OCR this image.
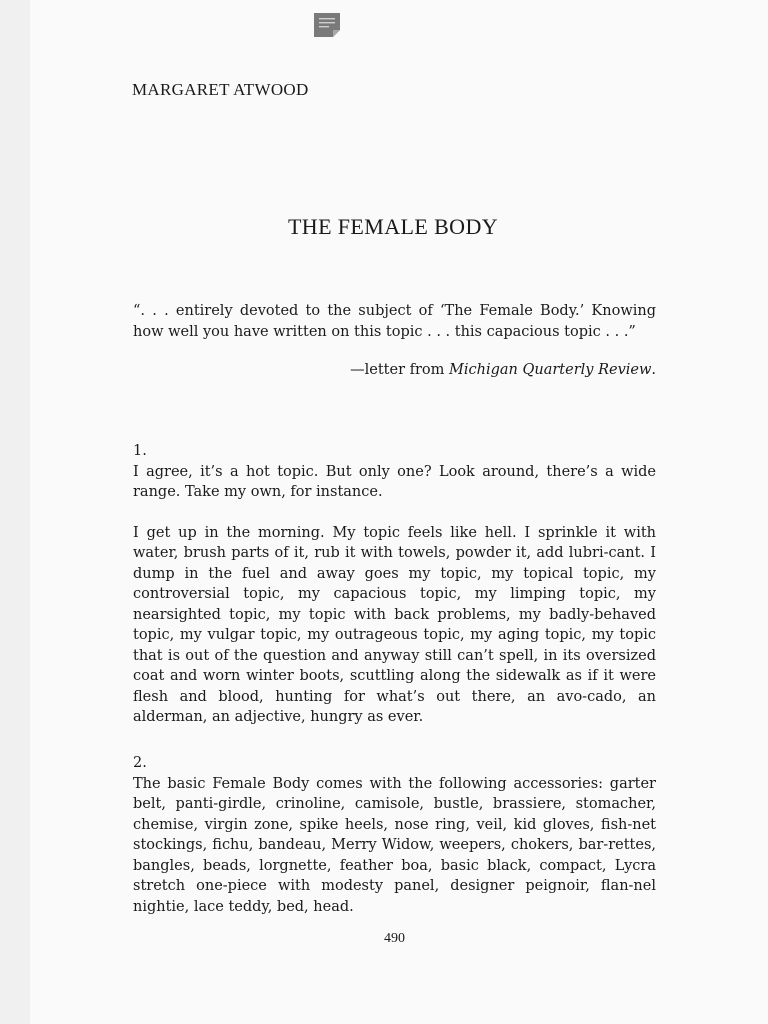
MARGARET ATWOOD
THE FEMALE BODY

“. . . entirely devoted to the subject of ‘The Female Body.’ Knowing how well you have written on this topic . . . this capacious topic . . .”

—letter from Michigan Quarterly Review.

1.

I agree, it’s a hot topic. But only one? Look around, there’s a wide range. Take my own, for instance.

I get up in the morning. My topic feels like hell. I sprinkle it with water, brush parts of it, rub it with towels, powder it, add lubri-cant. I dump in the fuel and away goes my topic, my topical topic, my controversial topic, my capacious topic, my limping topic, my nearsighted topic, my topic with back problems, my badly-behaved topic, my vulgar topic, my outrageous topic, my aging topic, my topic that is out of the question and anyway still can’t spell, in its oversized coat and worn winter boots, scuttling along the sidewalk as if it were flesh and blood, hunting for what’s out there, an avo-cado, an alderman, an adjective, hungry as ever.

2.

The basic Female Body comes with the following accessories: garter belt, panti-girdle, crinoline, camisole, bustle, brassiere, stomacher, chemise, virgin zone, spike heels, nose ring, veil, kid gloves, fish-net stockings, fichu, bandeau, Merry Widow, weepers, chokers, bar-rettes, bangles, beads, lorgnette, feather boa, basic black, compact, Lycra stretch one-piece with modesty panel, designer peignoir, flan-nel nightie, lace teddy, bed, head.

490
